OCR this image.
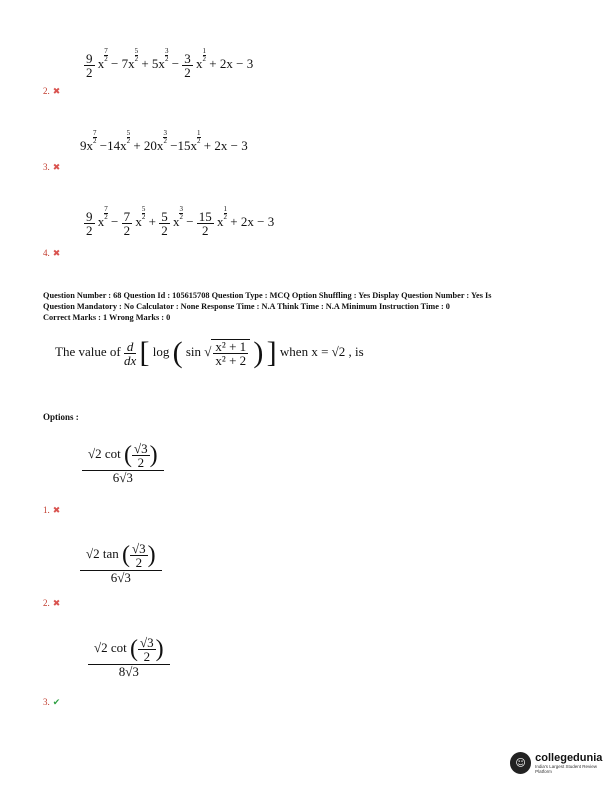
$\frac{9}{2}$ x
$^{\frac{7}{2}}$
− 7x
$^{\frac{5}{2}}$
+ 5x
$^{\frac{3}{2}}$
− $\frac{3}{2}$ x
$^{\frac{1}{2}}$
+ 2x − 3
2. ✖
9x
$^{\frac{7}{2}}$
−14x
$^{\frac{5}{2}}$
+ 20x
$^{\frac{3}{2}}$
−15x
$^{\frac{1}{2}}$
+ 2x − 3
3. ✖
$\frac{9}{2}$ x
$^{\frac{7}{2}}$
− $\frac{7}{2}$ x
$^{\frac{5}{2}}$
+ $\frac{5}{2}$ x
$^{\frac{3}{2}}$
− $\frac{15}{2}$ x
$^{\frac{1}{2}}$
+ 2x − 3
4. ✖
Question Number : 68 Question Id : 105615708 Question Type : MCQ Option Shuffling : Yes Display Question Number : Yes Is
Question Mandatory : No Calculator : None Response Time : N.A Think Time : N.A Minimum Instruction Time : 0
Correct Marks : 1 Wrong Marks : 0
The value of $\frac{d}{dx}$ [ log ( sin √ $\frac{\text{x² + 1}}{\text{x² + 2}}$ ) ] when x = √2 , is
Options :
$\frac{√2 \cot ( \frac{√3}{2} )}{6√3}$
1. ✖
$\frac{√2 \tan ( \frac{√3}{2} )}{6√3}$
2. ✖
$\frac{√2 \cot ( \frac{√3}{2} )}{8√3}$
3. ✔
☺ collegedunia
India's Largest Student Review Platform
